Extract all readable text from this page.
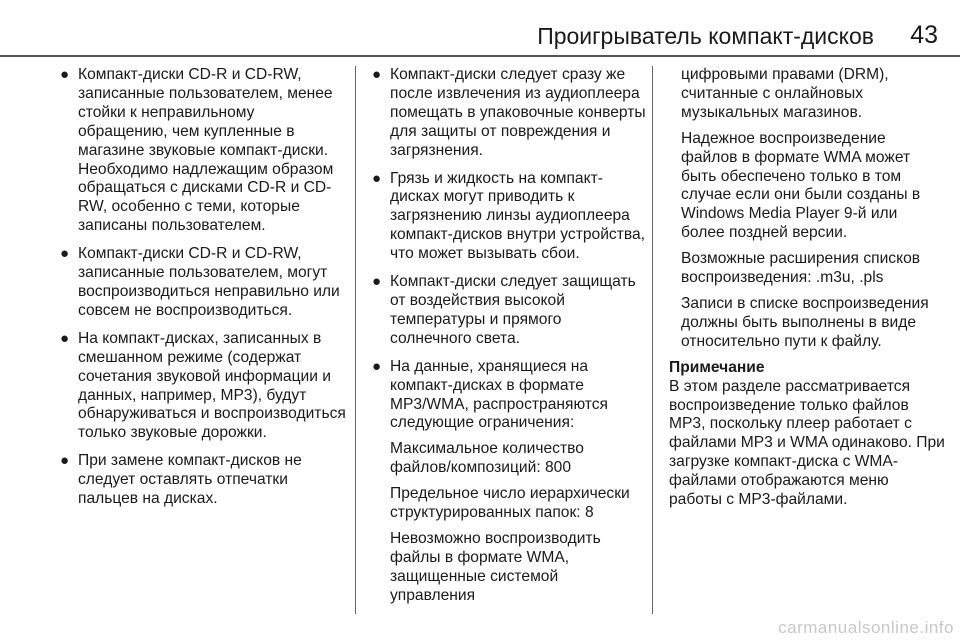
Проигрыватель компакт-дисков 43
● Компакт-диски CD-R и CD-RW, записанные пользователем, менее стойки к неправильному обращению, чем купленные в магазине звуковые компакт-диски. Необходимо надлежащим образом обращаться с дисками CD-R и CD-RW, особенно с теми, которые записаны пользователем.
● Компакт-диски CD-R и CD-RW, записанные пользователем, могут воспроизводиться неправильно или совсем не воспроизводиться.
● На компакт-дисках, записанных в смешанном режиме (содержат сочетания звуковой информации и данных, например, MP3), будут обнаруживаться и воспроизводиться только звуковые дорожки.
● При замене компакт-дисков не следует оставлять отпечатки пальцев на дисках.
● Компакт-диски следует сразу же после извлечения из аудиоплеера помещать в упаковочные конверты для защиты от повреждения и загрязнения.
● Грязь и жидкость на компакт-дисках могут приводить к загрязнению линзы аудиоплеера компакт-дисков внутри устройства, что может вызывать сбои.
● Компакт-диски следует защищать от воздействия высокой температуры и прямого солнечного света.
● На данные, хранящиеся на компакт-дисках в формате MP3/WMA, распространяются следующие ограничения:

Максимальное количество файлов/композиций: 800

Предельное число иерархически структурированных папок: 8

Невозможно воспроизводить файлы в формате WMA, защищенные системой управления

цифровыми правами (DRM), считанные с онлайновых музыкальных магазинов.

Надежное воспроизведение файлов в формате WMA может быть обеспечено только в том случае если они были созданы в Windows Media Player 9-й или более поздней версии.

Возможные расширения списков воспроизведения: .m3u, .pls

Записи в списке воспроизведения должны быть выполнены в виде относительно пути к файлу.

Примечание

В этом разделе рассматривается воспроизведение только файлов MP3, поскольку плеер работает с файлами MP3 и WMA одинаково. При загрузке компакт-диска с WMA-файлами отображаются меню работы с MP3-файлами.

carmanualsonline.info
